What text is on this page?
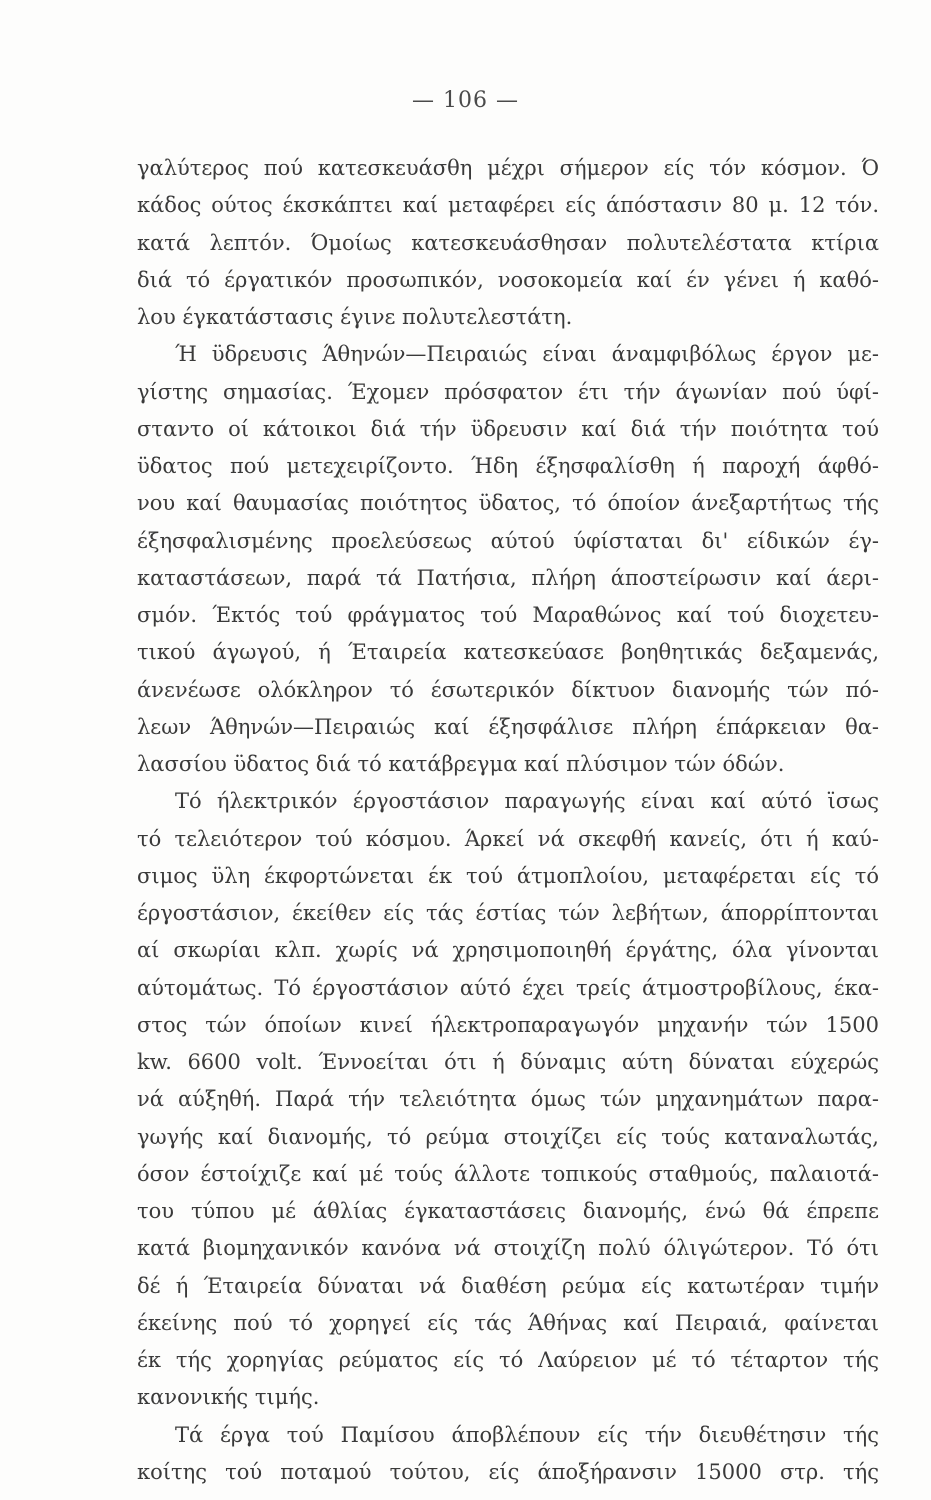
— 106 —
γαλύτερος πού κατεσκευάσθη μέχρι σήμερον είς τόν κόσμον. Ό
κάδος ούτος έκσκάπτει καί μεταφέρει είς άπόστασιν 80 μ. 12 τόν.
κατά λεπτόν. Όμοίως κατεσκευάσθησαν πολυτελέστατα κτίρια
διά τό έργατικόν προσωπικόν, νοσοκομεία καί έν γένει ή καθό-
λου έγκατάστασις έγινε πολυτελεστάτη.
Ή ϋδρευσις Άθηνών—Πειραιώς είναι άναμφιβόλως έργον με-
γίστης σημασίας. Έχομεν πρόσφατον έτι τήν άγωνίαν πού ύφί-
σταντο οί κάτοικοι διά τήν ϋδρευσιν καί διά τήν ποιότητα τού
ϋδατος πού μετεχειρίζοντο. Ήδη έξησφαλίσθη ή παροχή άφθό-
νου καί θαυμασίας ποιότητος ϋδατος, τό όποίον άνεξαρτήτως τής
έξησφαλισμένης προελεύσεως αύτού ύφίσταται δι' είδικών έγ-
καταστάσεων, παρά τά Πατήσια, πλήρη άποστείρωσιν καί άερι-
σμόν. Έκτός τού φράγματος τού Μαραθώνος καί τού διοχετευ-
τικού άγωγού, ή Έταιρεία κατεσκεύασε βοηθητικάς δεξαμενάς,
άνενέωσε ολόκληρον τό έσωτερικόν δίκτυον διανομής τών πό-
λεων Άθηνών—Πειραιώς καί έξησφάλισε πλήρη έπάρκειαν θα-
λασσίου ϋδατος διά τό κατάβρεγμα καί πλύσιμον τών όδών.
Τό ήλεκτρικόν έργοστάσιον παραγωγής είναι καί αύτό ϊσως
τό τελειότερον τού κόσμου. Άρκεί νά σκεφθή κανείς, ότι ή καύ-
σιμος ϋλη έκφορτώνεται έκ τού άτμοπλοίου, μεταφέρεται είς τό
έργοστάσιον, έκείθεν είς τάς έστίας τών λεβήτων, άπορρίπτονται
αί σκωρίαι κλπ. χωρίς νά χρησιμοποιηθή έργάτης, όλα γίνονται
αύτομάτως. Τό έργοστάσιον αύτό έχει τρείς άτμοστροβίλους, έκα-
στος τών όποίων κινεί ήλεκτροπαραγωγόν μηχανήν τών 1500
kw. 6600 volt. Έννοείται ότι ή δύναμις αύτη δύναται εύχερώς
νά αύξηθή. Παρά τήν τελειότητα όμως τών μηχανημάτων παρα-
γωγής καί διανομής, τό ρεύμα στοιχίζει είς τούς καταναλωτάς,
όσον έστοίχιζε καί μέ τούς άλλοτε τοπικούς σταθμούς, παλαιοτά-
του τύπου μέ άθλίας έγκαταστάσεις διανομής, ένώ θά έπρεπε
κατά βιομηχανικόν κανόνα νά στοιχίζη πολύ όλιγώτερον. Τό ότι
δέ ή Έταιρεία δύναται νά διαθέση ρεύμα είς κατωτέραν τιμήν
έκείνης πού τό χορηγεί είς τάς Άθήνας καί Πειραιά, φαίνεται
έκ τής χορηγίας ρεύματος είς τό Λαύρειον μέ τό τέταρτον τής
κανονικής τιμής.
Τά έργα τού Παμίσου άποβλέπουν είς τήν διευθέτησιν τής
κοίτης τού ποταμού τούτου, είς άποξήρανσιν 15000 στρ. τής
